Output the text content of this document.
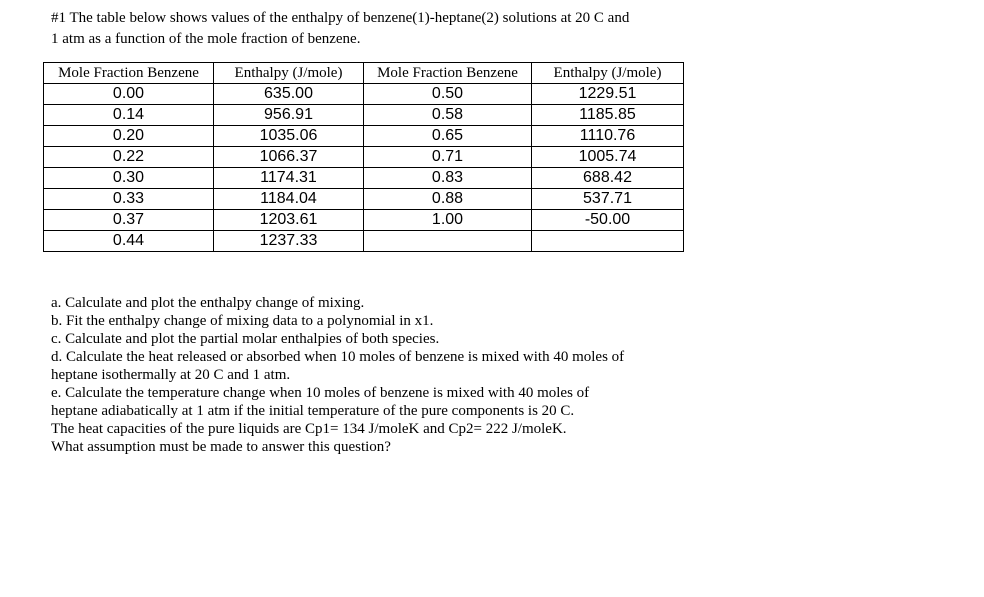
#1 The table below shows values of the enthalpy of benzene(1)-heptane(2) solutions at 20 C and
1 atm as a function of the mole fraction of benzene.
Mole Fraction Benzene	Enthalpy (J/mole)	Mole Fraction Benzene	Enthalpy (J/mole)
0.00	635.00	0.50	1229.51
0.14	956.91	0.58	1185.85
0.20	1035.06	0.65	1110.76
0.22	1066.37	0.71	1005.74
0.30	1174.31	0.83	688.42
0.33	1184.04	0.88	537.71
0.37	1203.61	1.00	-50.00
0.44	1237.33		

a. Calculate and plot the enthalpy change of mixing.

b. Fit the enthalpy change of mixing data to a polynomial in x1.

c. Calculate and plot the partial molar enthalpies of both species.

d. Calculate the heat released or absorbed when 10 moles of benzene is mixed with 40 moles of

heptane isothermally at 20 C and 1 atm.

e. Calculate the temperature change when 10 moles of benzene is mixed with 40 moles of

heptane adiabatically at 1 atm if the initial temperature of the pure components is 20 C.

The heat capacities of the pure liquids are Cp1= 134 J/moleK and Cp2= 222 J/moleK.

What assumption must be made to answer this question?
